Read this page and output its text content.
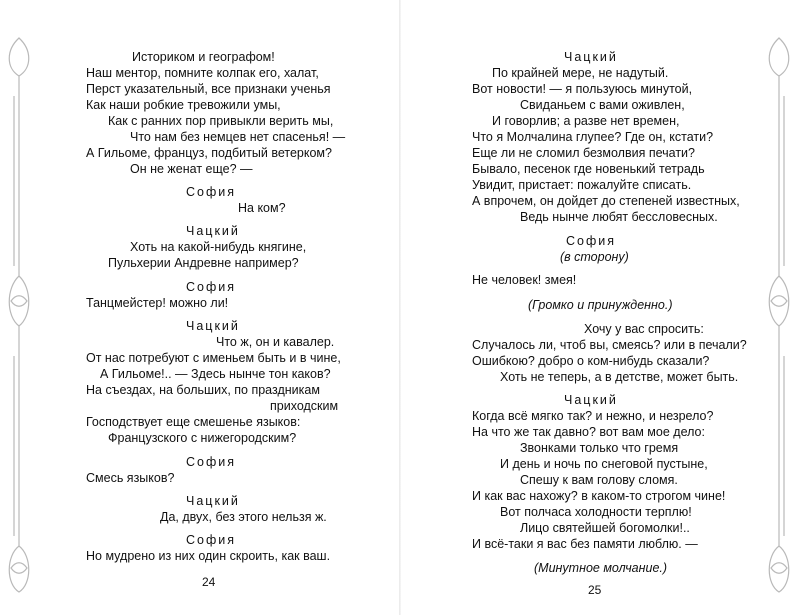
Историком и географом!
Наш ментор, помните колпак его, халат,
Перст указательный, все признаки ученья
Как наши робкие тревожили умы,
Как с ранних пор привыкли верить мы,
Что нам без немцев нет спасенья! —
А Гильоме, француз, подбитый ветерком?
Он не женат еще? —
София
На ком?
Чацкий
Хоть на какой-нибудь княгине,
Пульхерии Андревне например?
София
Танцмейстер! можно ли!
Чацкий
Что ж, он и кавалер.
От нас потребуют с именьем быть и в чине,
А Гильоме!.. — Здесь нынче тон каков?
На съездах, на больших, по праздникам
приходским
Господствует еще смешенье языков:
Французского с нижегородским?
София
Смесь языков?
Чацкий
Да, двух, без этого нельзя ж.
София
Но мудрено из них один скроить, как ваш.
24
Чацкий
По крайней мере, не надутый.
Вот новости! — я пользуюсь минутой,
Свиданьем с вами оживлен,
И говорлив; а разве нет времен,
Что я Молчалина глупее? Где он, кстати?
Еще ли не сломил безмолвия печати?
Бывало, песенок где новенький тетрадь
Увидит, пристает: пожалуйте списать.
А впрочем, он дойдет до степеней известных,
Ведь нынче любят бессловесных.
София
(в сторону)
Не человек! змея!
(Громко и принужденно.)
Хочу у вас спросить:
Случалось ли, чтоб вы, смеясь? или в печали?
Ошибкою? добро о ком-нибудь сказали?
Хоть не теперь, а в детстве, может быть.
Чацкий
Когда всё мягко так? и нежно, и незрело?
На что же так давно? вот вам мое дело:
Звонками только что гремя
И день и ночь по снеговой пустыне,
Спешу к вам голову сломя.
И как вас нахожу? в каком-то строгом чине!
Вот полчаса холодности терплю!
Лицо святейшей богомолки!..
И всё-таки я вас без памяти люблю. —
(Минутное молчание.)
25
